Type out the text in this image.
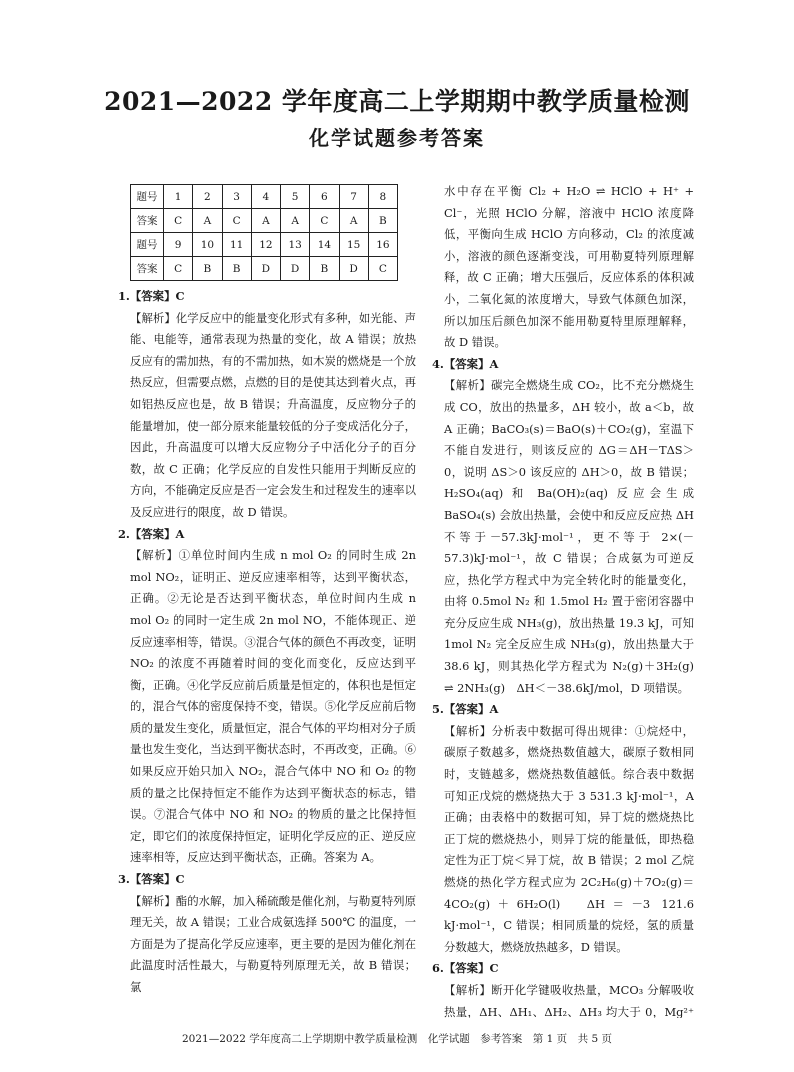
2021—2022 学年度高二上学期期中教学质量检测
化学试题参考答案
题号	1	2	3	4	5	6	7	8
答案	C	A	C	A	A	C	A	B
题号	9	10	11	12	13	14	15	16
答案	C	B	B	D	D	B	D	C

1.【答案】C

【解析】化学反应中的能量变化形式有多种，如光能、声能、电能等，通常表现为热量的变化，故 A 错误；放热反应有的需加热，有的不需加热，如木炭的燃烧是一个放热反应，但需要点燃，点燃的目的是使其达到着火点，再如铝热反应也是，故 B 错误；升高温度，反应物分子的能量增加，使一部分原来能量较低的分子变成活化分子，因此，升高温度可以增大反应物分子中活化分子的百分数，故 C 正确；化学反应的自发性只能用于判断反应的方向，不能确定反应是否一定会发生和过程发生的速率以及反应进行的限度，故 D 错误。

2.【答案】A

【解析】①单位时间内生成 n mol O₂ 的同时生成 2n mol NO₂，证明正、逆反应速率相等，达到平衡状态，正确。②无论是否达到平衡状态，单位时间内生成 n mol O₂ 的同时一定生成 2n mol NO，不能体现正、逆反应速率相等，错误。③混合气体的颜色不再改变，证明 NO₂ 的浓度不再随着时间的变化而变化，反应达到平衡，正确。④化学反应前后质量是恒定的，体积也是恒定的，混合气体的密度保持不变，错误。⑤化学反应前后物质的量发生变化，质量恒定，混合气体的平均相对分子质量也发生变化，当达到平衡状态时，不再改变，正确。⑥如果反应开始只加入 NO₂，混合气体中 NO 和 O₂ 的物质的量之比保持恒定不能作为达到平衡状态的标志，错误。⑦混合气体中 NO 和 NO₂ 的物质的量之比保持恒定，即它们的浓度保持恒定，证明化学反应的正、逆反应速率相等，反应达到平衡状态，正确。答案为 A。

3.【答案】C

【解析】酯的水解，加入稀硫酸是催化剂，与勒夏特列原理无关，故 A 错误；工业合成氨选择 500℃ 的温度，一方面是为了提高化学反应速率，更主要的是因为催化剂在此温度时活性最大，与勒夏特列原理无关，故 B 错误；氯

水中存在平衡 Cl₂ + H₂O ⇌ HClO + H⁺ + Cl⁻，光照 HClO 分解，溶液中 HClO 浓度降低，平衡向生成 HClO 方向移动，Cl₂ 的浓度减小，溶液的颜色逐渐变浅，可用勒夏特列原理解释，故 C 正确；增大压强后，反应体系的体积减小，二氧化氮的浓度增大，导致气体颜色加深，所以加压后颜色加深不能用勒夏特里原理解释，故 D 错误。

4.【答案】A

【解析】碳完全燃烧生成 CO₂，比不充分燃烧生成 CO，放出的热量多，ΔH 较小，故 a＜b，故 A 正确；BaCO₃(s)＝BaO(s)＋CO₂(g)，室温下不能自发进行，则该反应的 ΔG＝ΔH－TΔS＞0，说明 ΔS＞0 该反应的 ΔH＞0，故 B 错误；H₂SO₄(aq) 和 Ba(OH)₂(aq) 反应会生成 BaSO₄(s) 会放出热量，会使中和反应反应热 ΔH 不等于－57.3kJ·mol⁻¹，更不等于 2×(－57.3)kJ·mol⁻¹，故 C 错误；合成氨为可逆反应，热化学方程式中为完全转化时的能量变化，由将 0.5mol N₂ 和 1.5mol H₂ 置于密闭容器中充分反应生成 NH₃(g)，放出热量 19.3 kJ，可知 1mol N₂ 完全反应生成 NH₃(g)，放出热量大于 38.6 kJ，则其热化学方程式为 N₂(g)＋3H₂(g) ⇌ 2NH₃(g)　ΔH＜－38.6kJ/mol，D 项错误。

5.【答案】A

【解析】分析表中数据可得出规律：①烷烃中，碳原子数越多，燃烧热数值越大，碳原子数相同时，支链越多，燃烧热数值越低。综合表中数据可知正戊烷的燃烧热大于 3 531.3 kJ·mol⁻¹，A 正确；由表格中的数据可知，异丁烷的燃烧热比正丁烷的燃烧热小，则异丁烷的能量低，即热稳定性为正丁烷＜异丁烷，故 B 错误；2 mol 乙烷燃烧的热化学方程式应为 2C₂H₆(g)＋7O₂(g)＝4CO₂(g)＋6H₂O(l)　ΔH＝－3 121.6 kJ·mol⁻¹，C 错误；相同质量的烷烃，氢的质量分数越大，燃烧放热越多，D 错误。

6.【答案】C

【解析】断开化学键吸收热量，MCO₃ 分解吸收热量，ΔH、ΔH₁、ΔH₂、ΔH₃ 均大于 0，Mg²⁺

2021—2022 学年度高二上学期期中教学质量检测　化学试题　参考答案　第 1 页　共 5 页
